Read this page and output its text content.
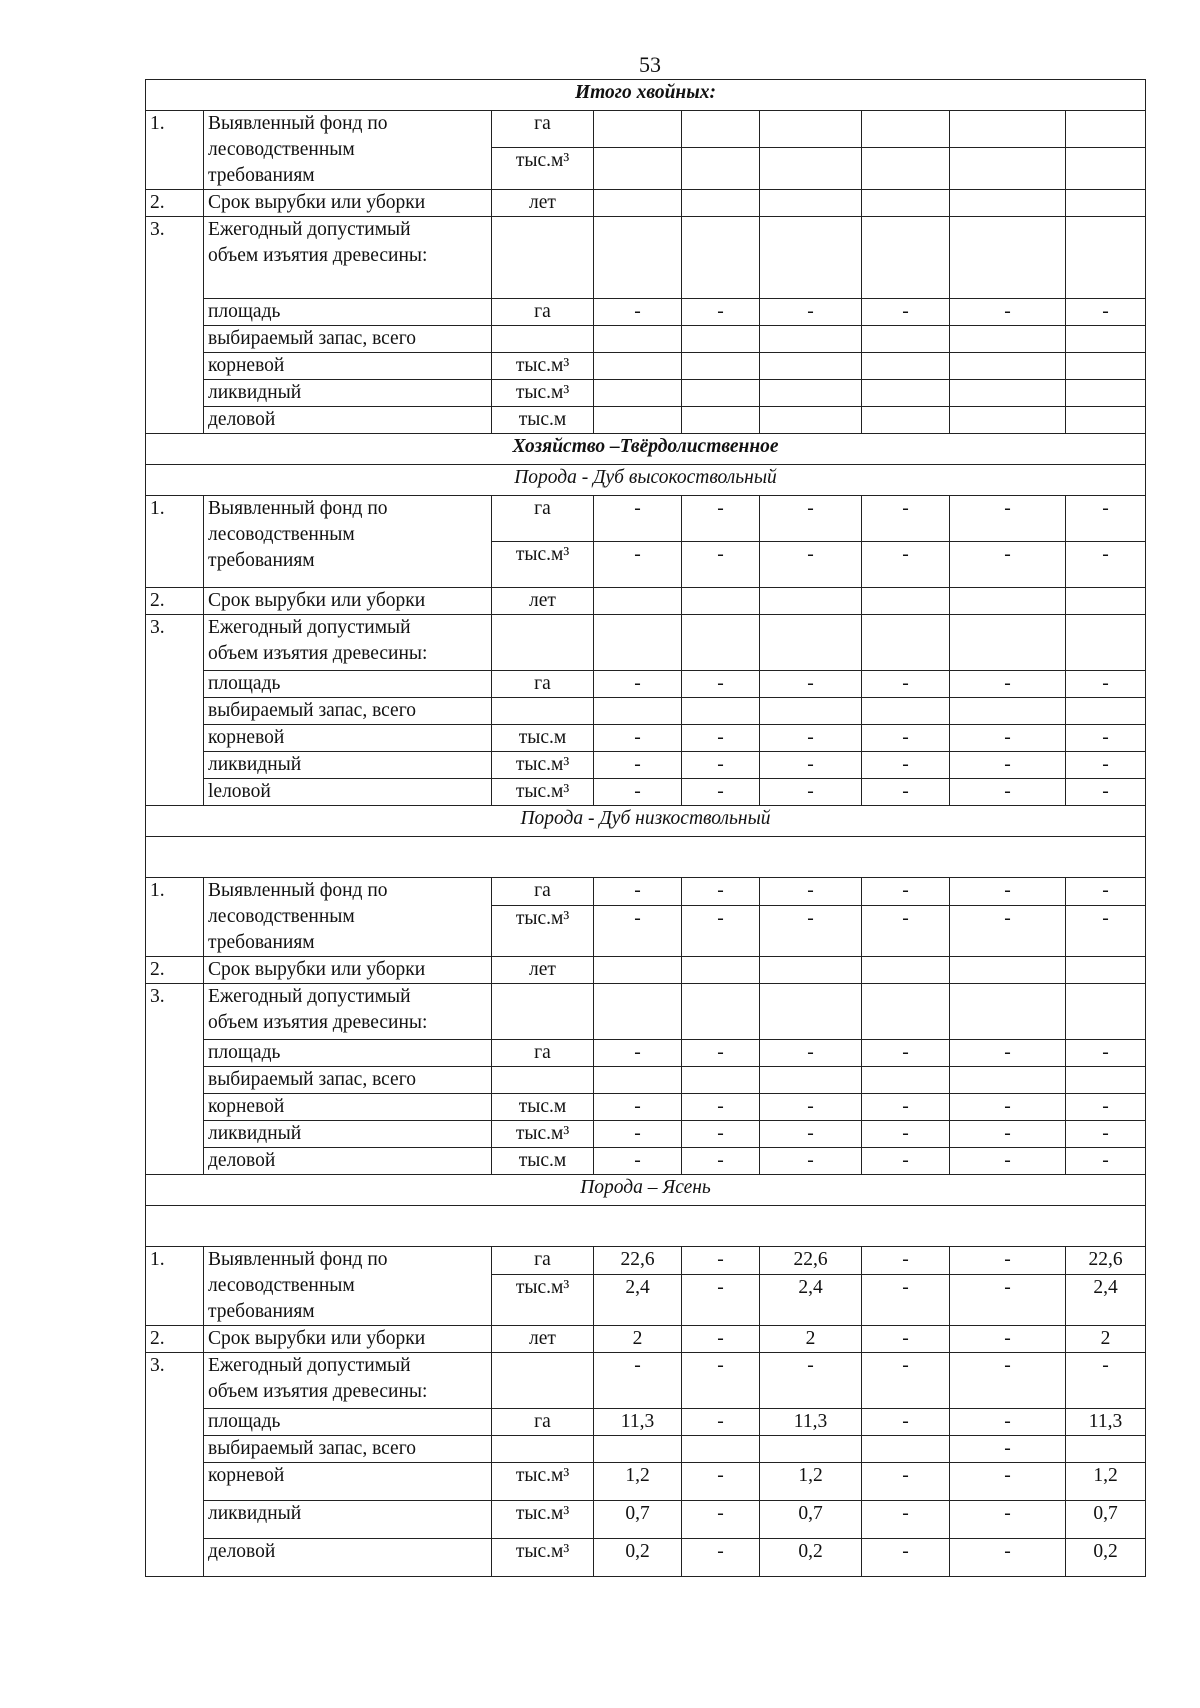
53
Итого хвойных:								
1.	Выявленный фонд по
лесоводственным
требованиям	га						
		тыс.м³						
2.	Срок вырубки или уборки	лет						
3.	Ежегодный допустимый
объем изъятия древесины:							
	площадь	га	-	-	-	-	-	-
	выбираемый запас, всего							
	корневой	тыс.м³						
	ликвидный	тыс.м³						
	деловой	тыс.м						
Хозяйство –Твёрдолиственное								
Порода - Дуб высокоствольный								
1.	Выявленный фонд по
лесоводственным
требованиям	га	-	-	-	-	-	-
		тыс.м³	-	-	-	-	-	-
2.	Срок вырубки или уборки	лет						
3.	Ежегодный допустимый
объем изъятия древесины:							
	площадь	га	-	-	-	-	-	-
	выбираемый запас, всего							
	корневой	тыс.м	-	-	-	-	-	-
	ликвидный	тыс.м³	-	-	-	-	-	-
	leловой	тыс.м³	-	-	-	-	-	-
Порода - Дуб низкоствольный								

1.	Выявленный фонд по
лесоводственным
требованиям	га	-	-	-	-	-	-
		тыс.м³	-	-	-	-	-	-
2.	Срок вырубки или уборки	лет						
3.	Ежегодный допустимый
объем изъятия древесины:							
	площадь	га	-	-	-	-	-	-
	выбираемый запас, всего							
	корневой	тыс.м	-	-	-	-	-	-
	ликвидный	тыс.м³	-	-	-	-	-	-
	деловой	тыс.м	-	-	-	-	-	-
Порода – Ясень								

1.	Выявленный фонд по
лесоводственным
требованиям	га	22,6	-	22,6	-	-	22,6
		тыс.м³	2,4	-	2,4	-	-	2,4
2.	Срок вырубки или уборки	лет	2	-	2	-	-	2
3.	Ежегодный допустимый
объем изъятия древесины:		-	-	-	-	-	-
	площадь	га	11,3	-	11,3	-	-	11,3
	выбираемый запас, всего						-	
	корневой	тыс.м³	1,2	-	1,2	-	-	1,2
	ликвидный	тыс.м³	0,7	-	0,7	-	-	0,7
	деловой	тыс.м³	0,2	-	0,2	-	-	0,2
